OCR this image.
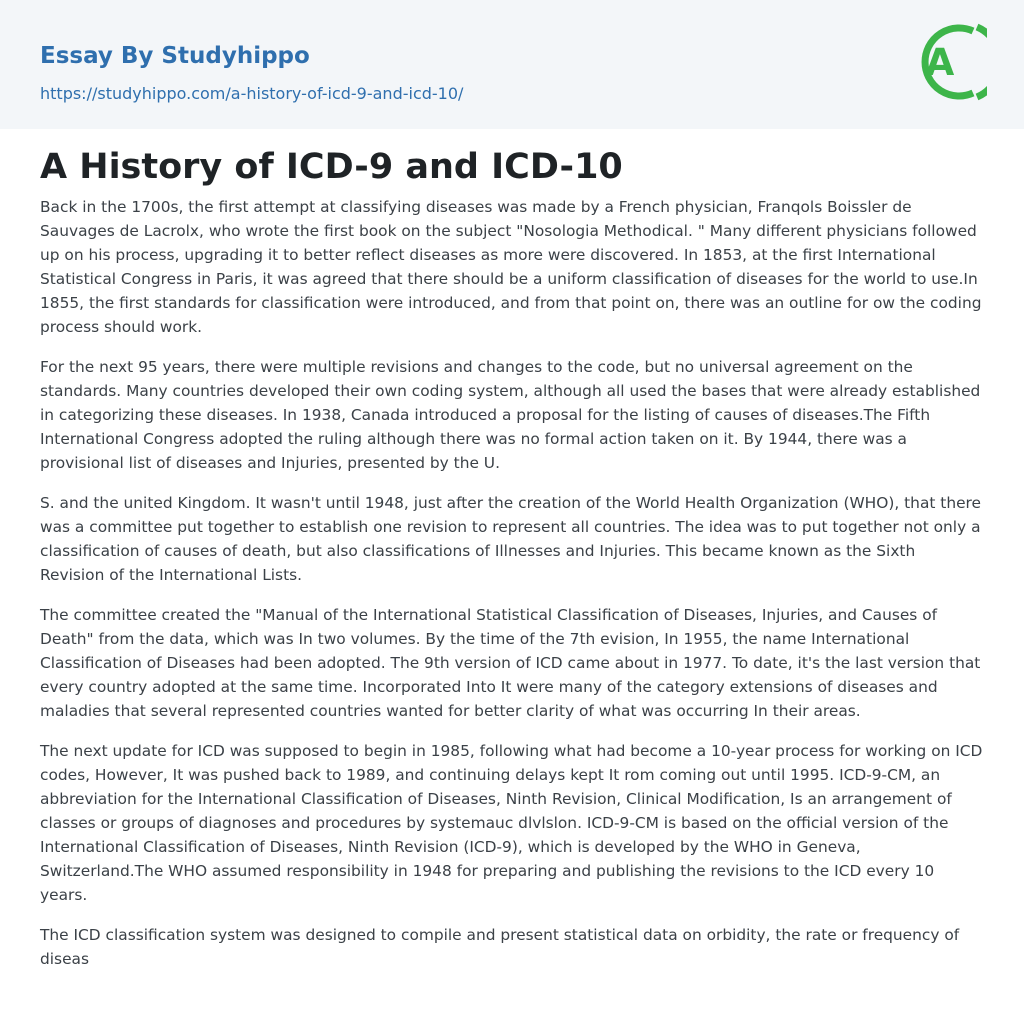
Essay By Studyhippo
https://studyhippo.com/a-history-of-icd-9-and-icd-10/
A
A History of ICD-9 and ICD-10

Back in the 1700s, the first attempt at classifying diseases was made by a French physician, Franqols Boissler de Sauvages de Lacrolx, who wrote the first book on the subject "Nosologia Methodical. " Many different physicians followed up on his process, upgrading it to better reflect diseases as more were discovered. In 1853, at the first International Statistical Congress in Paris, it was agreed that there should be a uniform classification of diseases for the world to use.In 1855, the first standards for classification were introduced, and from that point on, there was an outline for ow the coding process should work.

For the next 95 years, there were multiple revisions and changes to the code, but no universal agreement on the standards. Many countries developed their own coding system, although all used the bases that were already established in categorizing these diseases. In 1938, Canada introduced a proposal for the listing of causes of diseases.The Fifth International Congress adopted the ruling although there was no formal action taken on it. By 1944, there was a provisional list of diseases and Injuries, presented by the U.

S. and the united Kingdom. It wasn't until 1948, just after the creation of the World Health Organization (WHO), that there was a committee put together to establish one revision to represent all countries. The idea was to put together not only a classification of causes of death, but also classifications of Illnesses and Injuries. This became known as the Sixth Revision of the International Lists.

The committee created the "Manual of the International Statistical Classification of Diseases, Injuries, and Causes of Death" from the data, which was In two volumes. By the time of the 7th evision, In 1955, the name International Classification of Diseases had been adopted. The 9th version of ICD came about in 1977. To date, it's the last version that every country adopted at the same time. Incorporated Into It were many of the category extensions of diseases and maladies that several represented countries wanted for better clarity of what was occurring In their areas.

The next update for ICD was supposed to begin in 1985, following what had become a 10-year process for working on ICD codes, However, It was pushed back to 1989, and continuing delays kept It rom coming out until 1995. ICD-9-CM, an abbreviation for the International Classification of Diseases, Ninth Revision, Clinical Modification, Is an arrangement of classes or groups of diagnoses and procedures by systemauc dlvlslon. ICD-9-CM is based on the official version of the International Classification of Diseases, Ninth Revision (ICD-9), which is developed by the WHO in Geneva, Switzerland.The WHO assumed responsibility in 1948 for preparing and publishing the revisions to the ICD every 10 years.

The ICD classification system was designed to compile and present statistical data on orbidity, the rate or frequency of diseas
